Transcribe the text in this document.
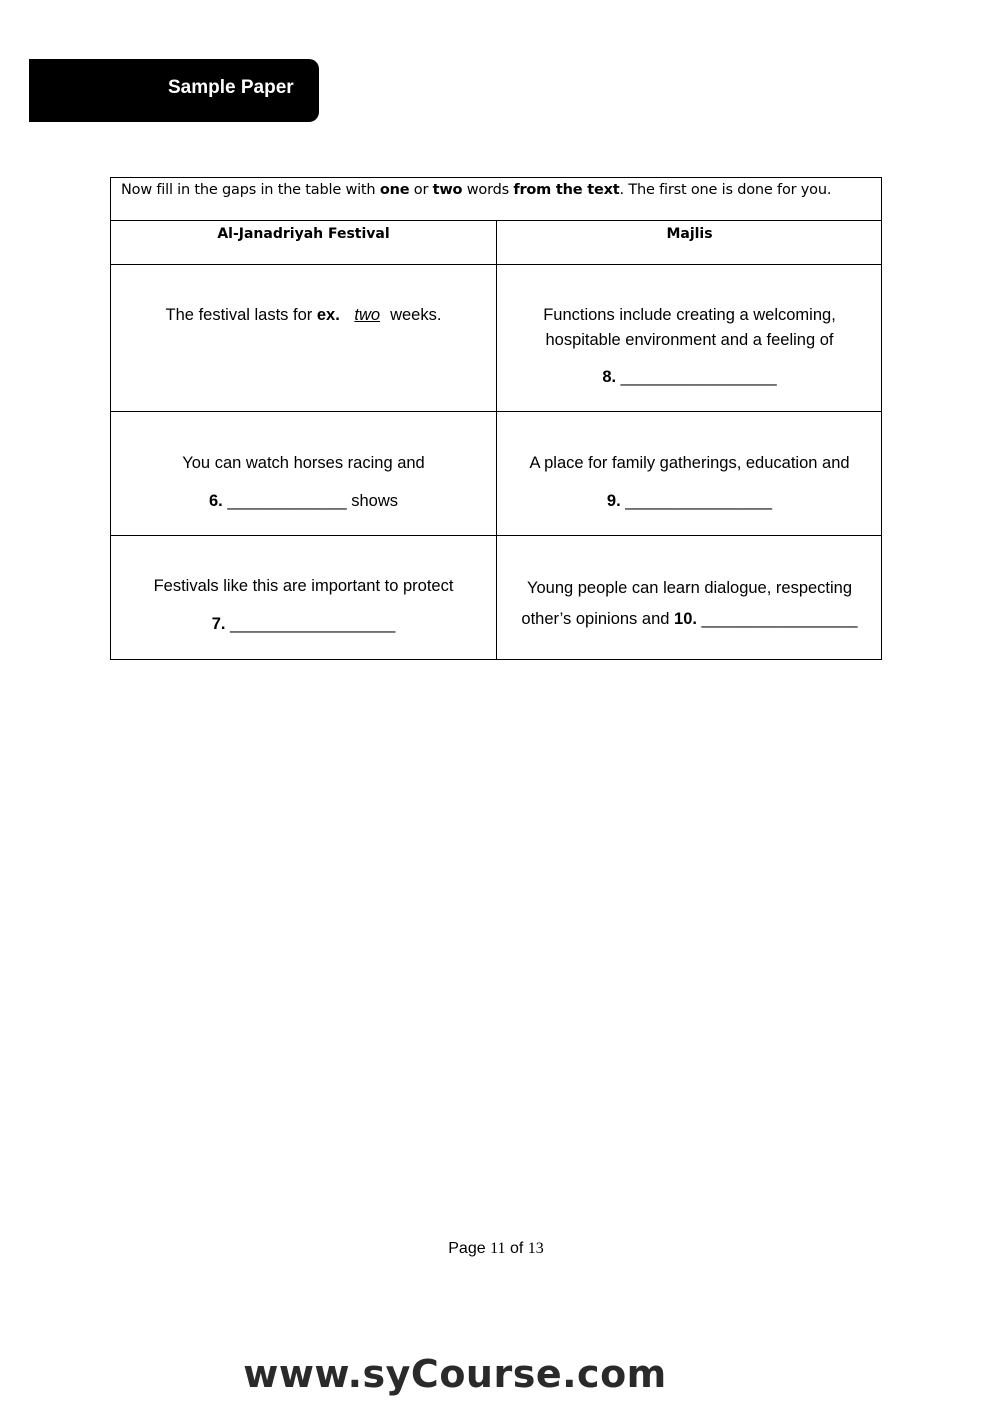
Sample Paper
Now fill in the gaps in the table with one or two words from the text. The first one is done for you.
Al-Janadriyah Festival	Majlis
The festival lasts for ex. two weeks.	Functions include creating a welcoming,
hospitable environment and a feeling of
8. _________________
You can watch horses racing and
6. _____________ shows
A place for family gatherings, education and
9. ________________
Festivals like this are important to protect
7. __________________
Young people can learn dialogue, respecting
other’s opinions and 10. _________________
Page 11 of 13
www.syCourse.com
